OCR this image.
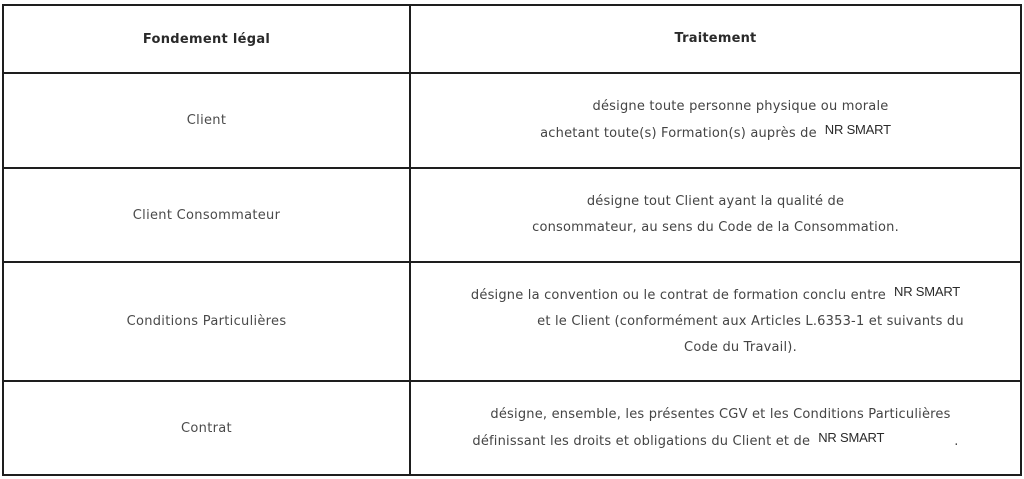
Fondement légal	Traitement
Client
désigne toute personne physique ou morale
achetant toute(s) Formation(s) auprès de NR SMART
Client Consommateur
désigne tout Client ayant la qualité de
consommateur, au sens du Code de la Consommation.
Conditions Particulières
désigne la convention ou le contrat de formation conclu entre NR SMART
et le Client (conformément aux Articles L.6353-1 et suivants du
Code du Travail).
Contrat
désigne, ensemble, les présentes CGV et les Conditions Particulières
définissant les droits et obligations du Client et de NR SMART	.
